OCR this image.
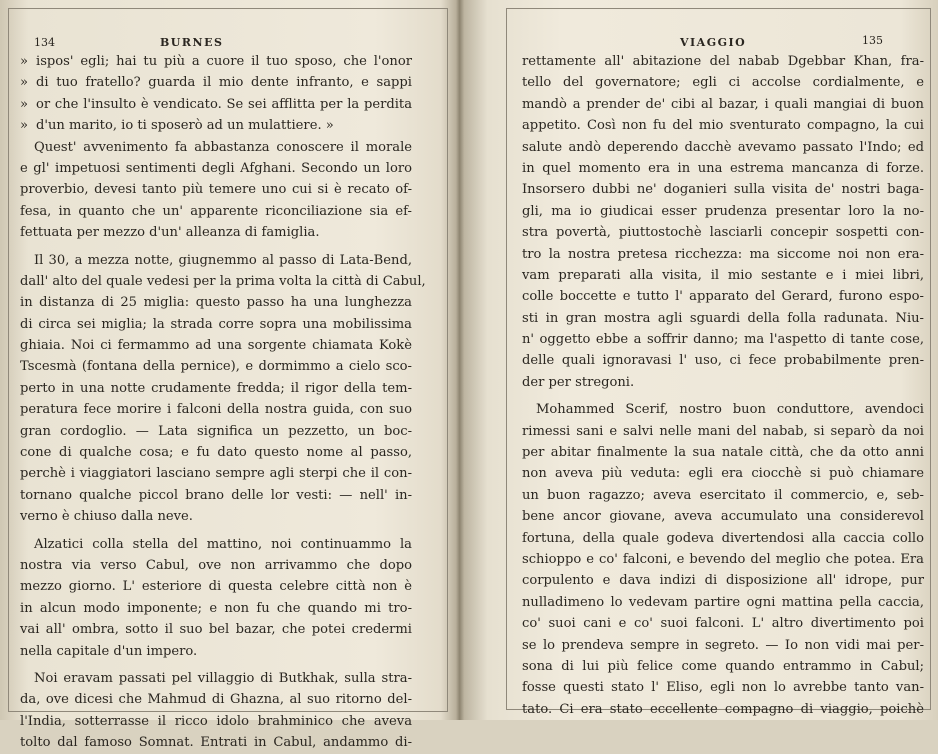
134	BURNES
» ispos' egli; hai tu più a cuore il tuo sposo, che l'onor
» di tuo fratello? guarda il mio dente infranto, e sappi
» or che l'insulto è vendicato. Se sei afflitta per la perdita
» d'un marito, io ti sposerò ad un mulattiere. »
Quest' avvenimento fa abbastanza conoscere il morale
e gl' impetuosi sentimenti degli Afghani. Secondo un loro
proverbio, devesi tanto più temere uno cui si è recato of-
fesa, in quanto che un' apparente riconciliazione sia ef-
fettuata per mezzo d'un' alleanza di famiglia.
Il 30, a mezza notte, giugnemmo al passo di Lata-Bend,
dall' alto del quale vedesi per la prima volta la città di Cabul,
in distanza di 25 miglia: questo passo ha una lunghezza
di circa sei miglia; la strada corre sopra una mobilissima
ghiaia. Noi ci fermammo ad una sorgente chiamata Kokè
Tscesmà (fontana della pernice), e dormimmo a cielo sco-
perto in una notte crudamente fredda; il rigor della tem-
peratura fece morire i falconi della nostra guida, con suo
gran cordoglio. — Lata significa un pezzetto, un boc-
cone di qualche cosa; e fu dato questo nome al passo,
perchè i viaggiatori lasciano sempre agli sterpi che il con-
tornano qualche piccol brano delle lor vesti: — nell' in-
verno è chiuso dalla neve.
Alzatici colla stella del mattino, noi continuammo la
nostra via verso Cabul, ove non arrivammo che dopo
mezzo giorno. L' esteriore di questa celebre città non è
in alcun modo imponente; e non fu che quando mi tro-
vai all' ombra, sotto il suo bel bazar, che potei credermi
nella capitale d'un impero.
Noi eravam passati pel villaggio di Butkhak, sulla stra-
da, ove dicesi che Mahmud di Ghazna, al suo ritorno del-
l'India, sotterrasse il ricco idolo brahminico che aveva
tolto dal famoso Somnat. Entrati in Cabul, andammo di-
VIAGGIO	135
rettamente all' abitazione del nabab Dgebbar Khan, fra-
tello del governatore; egli ci accolse cordialmente, e
mandò a prender de' cibi al bazar, i quali mangiai di buon
appetito. Così non fu del mio sventurato compagno, la cui
salute andò deperendo dacchè avevamo passato l'Indo; ed
in quel momento era in una estrema mancanza di forze.
Insorsero dubbi ne' doganieri sulla visita de' nostri baga-
gli, ma io giudicai esser prudenza presentar loro la no-
stra povertà, piuttostochè lasciarli concepir sospetti con-
tro la nostra pretesa ricchezza: ma siccome noi non era-
vam preparati alla visita, il mio sestante e i miei libri,
colle boccette e tutto l' apparato del Gerard, furono espo-
sti in gran mostra agli sguardi della folla radunata. Niu-
n' oggetto ebbe a soffrir danno; ma l'aspetto di tante cose,
delle quali ignoravasi l' uso, ci fece probabilmente pren-
der per stregoni.
Mohammed Scerif, nostro buon conduttore, avendoci
rimessi sani e salvi nelle mani del nabab, si separò da noi
per abitar finalmente la sua natale città, che da otto anni
non aveva più veduta: egli era ciocchè si può chiamare
un buon ragazzo; aveva esercitato il commercio, e, seb-
bene ancor giovane, aveva accumulato una considerevol
fortuna, della quale godeva divertendosi alla caccia collo
schioppo e co' falconi, e bevendo del meglio che potea. Era
corpulento e dava indizi di disposizione all' idrope, pur
nulladimeno lo vedevam partire ogni mattina pella caccia,
co' suoi cani e co' suoi falconi. L' altro divertimento poi
se lo prendeva sempre in segreto. — Io non vidi mai per-
sona di lui più felice come quando entrammo in Cabul;
fosse questi stato l' Eliso, egli non lo avrebbe tanto van-
tato. Ci era stato eccellente compagno di viaggio, poichè
